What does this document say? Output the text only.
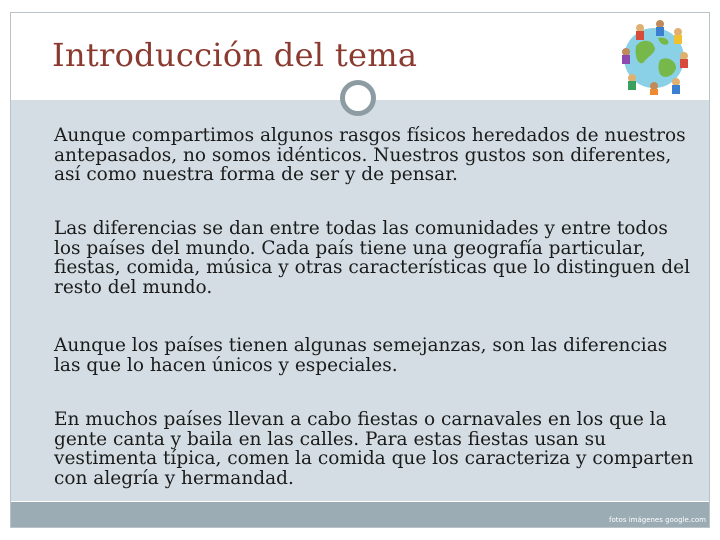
Introducción del tema

Aunque compartimos algunos rasgos físicos heredados de nuestros antepasados, no somos idénticos. Nuestros gustos son diferentes, así como nuestra forma de ser y de pensar.

Las diferencias se dan entre todas las comunidades y entre todos los países del mundo. Cada país tiene una geografía particular, fiestas, comida, música y otras características que lo distinguen del resto del mundo.

Aunque los países tienen algunas semejanzas, son las diferencias las que lo hacen únicos y especiales.

En muchos países llevan a cabo fiestas o carnavales en los que la gente canta y baila en las calles. Para estas fiestas usan su vestimenta típica, comen la comida que los caracteriza y comparten con alegría y hermandad.

fotos imágenes google.com
